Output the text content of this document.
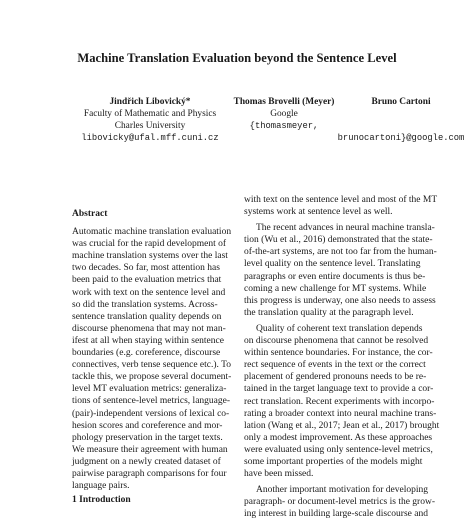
Machine Translation Evaluation beyond the Sentence Level
Jindřich Libovický*
Faculty of Mathematic and Physics
Charles University
libovicky@ufal.mff.cuni.cz
Thomas Brovelli (Meyer)
Google
{thomasmeyer,
Bruno Cartoni
brunocartoni}@google.com

Abstract

Automatic machine translation evaluation
was crucial for the rapid development of
machine translation systems over the last
two decades. So far, most attention has
been paid to the evaluation metrics that
work with text on the sentence level and
so did the translation systems. Across-
sentence translation quality depends on
discourse phenomena that may not man-
ifest at all when staying within sentence
boundaries (e.g. coreference, discourse
connectives, verb tense sequence etc.). To
tackle this, we propose several document-
level MT evaluation metrics: generaliza-
tions of sentence-level metrics, language-
(pair)-independent versions of lexical co-
hesion scores and coreference and mor-
phology preservation in the target texts.
We measure their agreement with human
judgment on a newly created dataset of
pairwise paragraph comparisons for four
language pairs.
1 Introduction

with text on the sentence level and most of the MT
systems work at sentence level as well.

The recent advances in neural machine transla-
tion (Wu et al., 2016) demonstrated that the state-
of-the-art systems, are not too far from the human-
level quality on the sentence level. Translating
paragraphs or even entire documents is thus be-
coming a new challenge for MT systems. While
this progress is underway, one also needs to assess
the translation quality at the paragraph level.

Quality of coherent text translation depends
on discourse phenomena that cannot be resolved
within sentence boundaries. For instance, the cor-
rect sequence of events in the text or the correct
placement of gendered pronouns needs to be re-
tained in the target language text to provide a cor-
rect translation. Recent experiments with incorpo-
rating a broader context into neural machine trans-
lation (Wang et al., 2017; Jean et al., 2017) brought
only a modest improvement. As these approaches
were evaluated using only sentence-level metrics,
some important properties of the models might
have been missed.

Another important motivation for developing
paragraph- or document-level metrics is the grow-
ing interest in building large-scale discourse and
